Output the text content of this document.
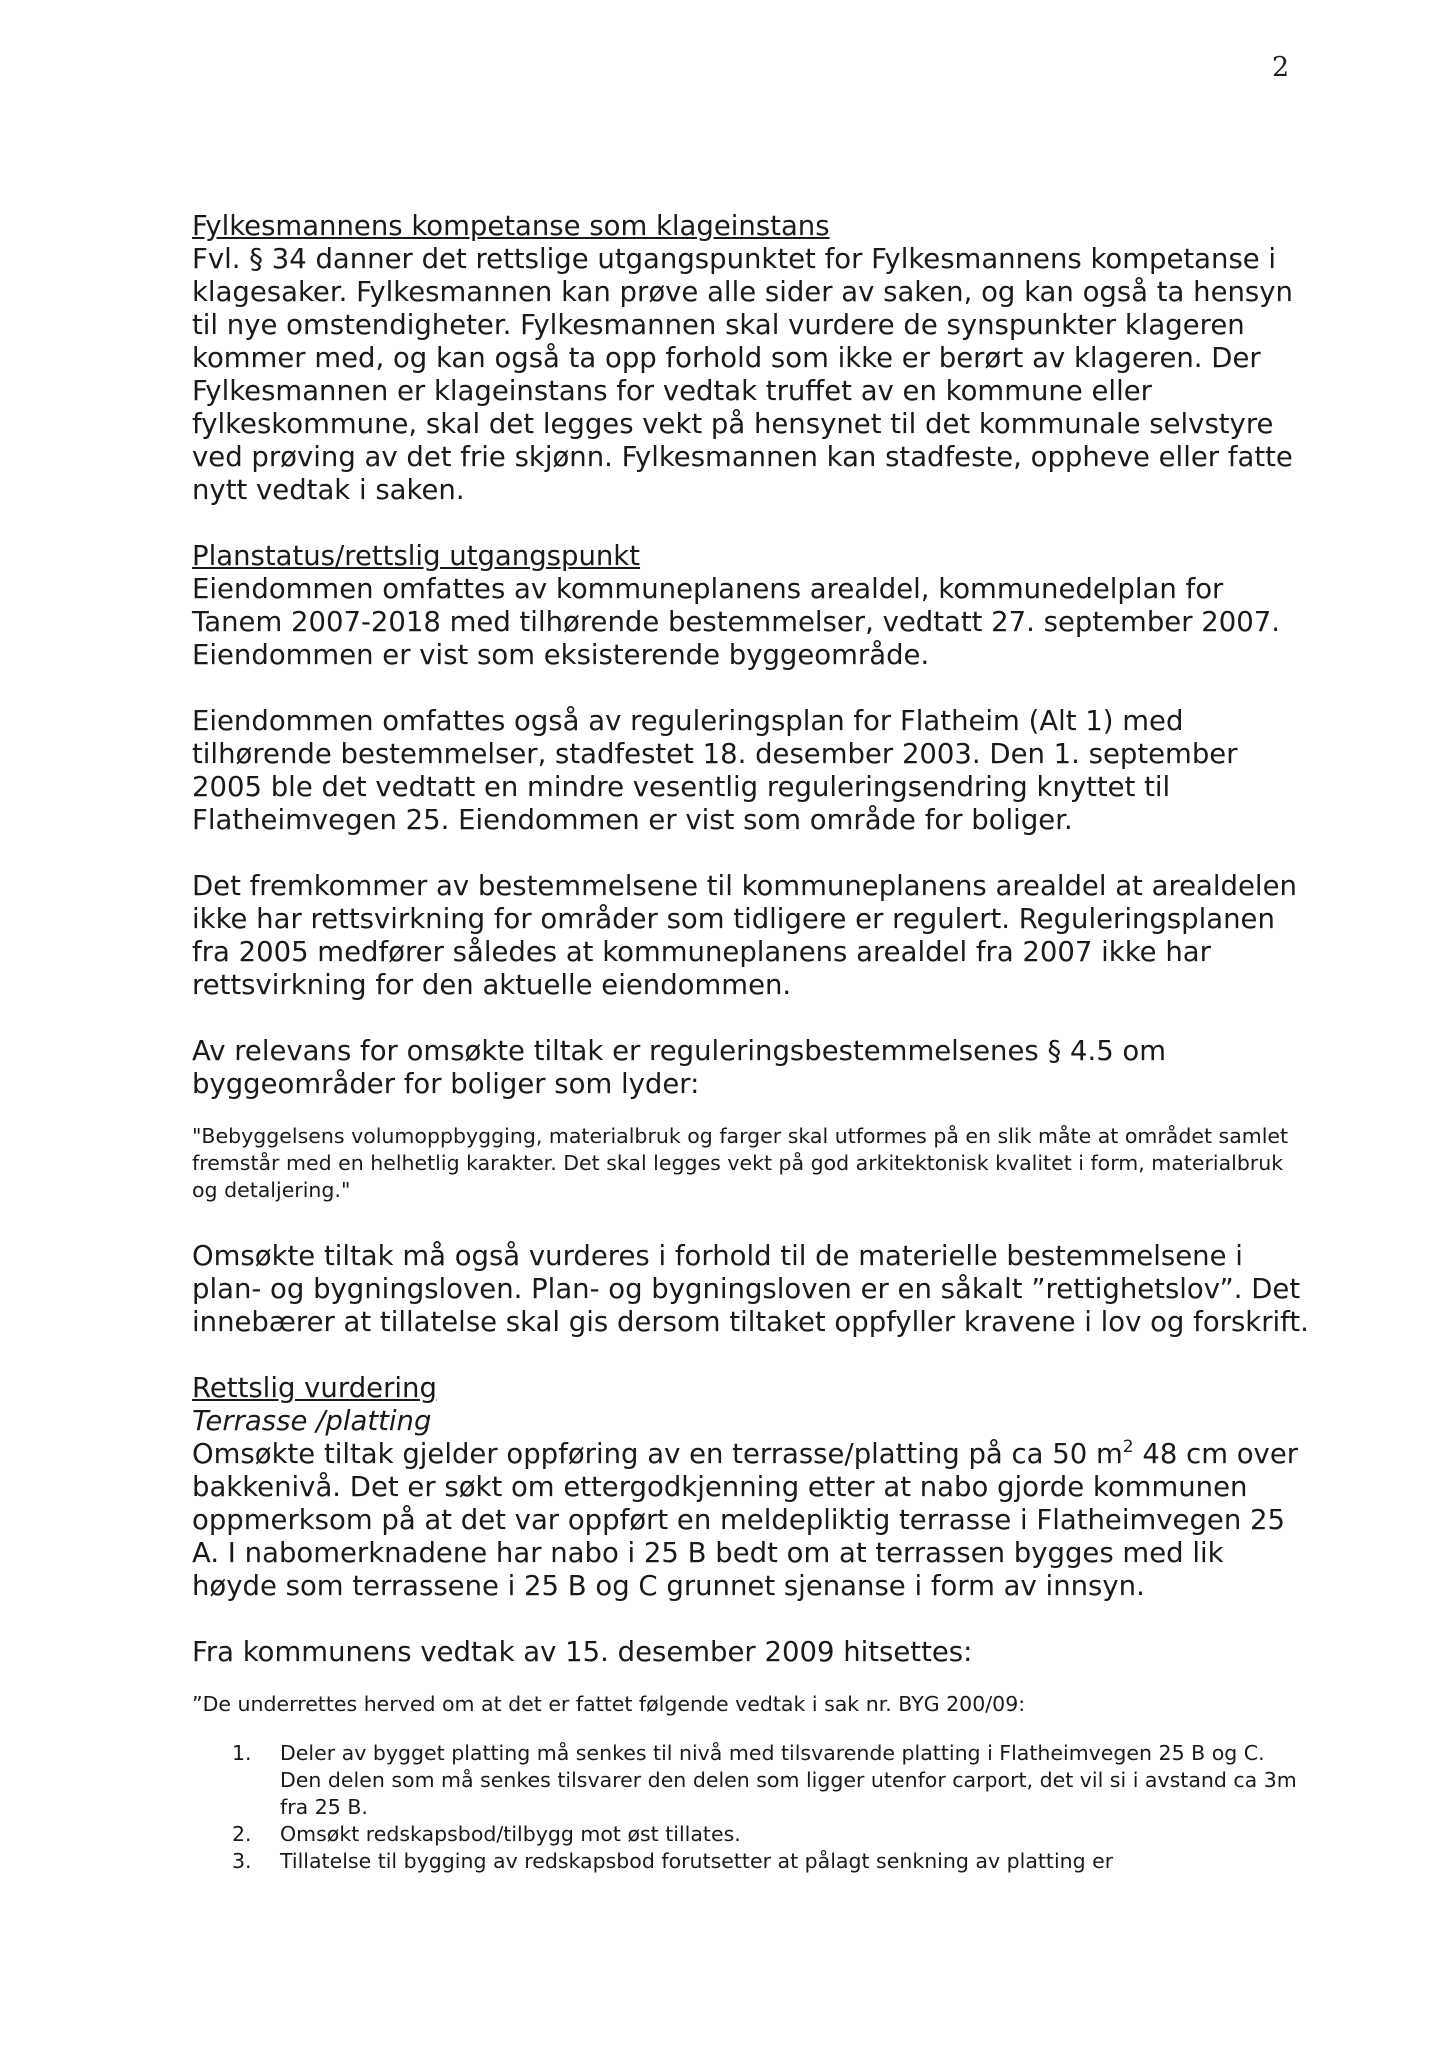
2
Fylkesmannens kompetanse som klageinstans

Fvl. § 34 danner det rettslige utgangspunktet for Fylkesmannens kompetanse i klagesaker. Fylkesmannen kan prøve alle sider av saken, og kan også ta hensyn til nye omstendigheter. Fylkesmannen skal vurdere de synspunkter klageren kommer med, og kan også ta opp forhold som ikke er berørt av klageren. Der Fylkesmannen er klageinstans for vedtak truffet av en kommune eller fylkeskommune, skal det legges vekt på hensynet til det kommunale selvstyre ved prøving av det frie skjønn. Fylkesmannen kan stadfeste, oppheve eller fatte nytt vedtak i saken.

Planstatus/rettslig utgangspunkt

Eiendommen omfattes av kommuneplanens arealdel, kommunedelplan for Tanem 2007-2018 med tilhørende bestemmelser, vedtatt 27. september 2007. Eiendommen er vist som eksisterende byggeområde.

Eiendommen omfattes også av reguleringsplan for Flatheim (Alt 1) med tilhørende bestemmelser, stadfestet 18. desember 2003. Den 1. september 2005 ble det vedtatt en mindre vesentlig reguleringsendring knyttet til Flatheimvegen 25. Eiendommen er vist som område for boliger.

Det fremkommer av bestemmelsene til kommuneplanens arealdel at arealdelen ikke har rettsvirkning for områder som tidligere er regulert. Reguleringsplanen fra 2005 medfører således at kommuneplanens arealdel fra 2007 ikke har rettsvirkning for den aktuelle eiendommen.

Av relevans for omsøkte tiltak er reguleringsbestemmelsenes § 4.5 om byggeområder for boliger som lyder:

"Bebyggelsens volumoppbygging, materialbruk og farger skal utformes på en slik måte at området samlet fremstår med en helhetlig karakter. Det skal legges vekt på god arkitektonisk kvalitet i form, materialbruk og detaljering."

Omsøkte tiltak må også vurderes i forhold til de materielle bestemmelsene i plan- og bygningsloven. Plan- og bygningsloven er en såkalt ”rettighetslov”. Det innebærer at tillatelse skal gis dersom tiltaket oppfyller kravene i lov og forskrift.

Rettslig vurdering

Terrasse /platting

Omsøkte tiltak gjelder oppføring av en terrasse/platting på ca 50 $m^2$ 48 cm over bakkenivå. Det er søkt om ettergodkjenning etter at nabo gjorde kommunen oppmerksom på at det var oppført en meldepliktig terrasse i Flatheimvegen 25 A. I nabomerknadene har nabo i 25 B bedt om at terrassen bygges med lik høyde som terrassene i 25 B og C grunnet sjenanse i form av innsyn.

Fra kommunens vedtak av 15. desember 2009 hitsettes:

”De underrettes herved om at det er fattet følgende vedtak i sak nr. BYG 200/09:

1.	Deler av bygget platting må senkes til nivå med tilsvarende platting i Flatheimvegen 25 B og C. Den delen som må senkes tilsvarer den delen som ligger utenfor carport, det vil si i avstand ca 3m fra 25 B.
2.	Omsøkt redskapsbod/tilbygg mot øst tillates.
3.	Tillatelse til bygging av redskapsbod forutsetter at pålagt senkning av platting er
